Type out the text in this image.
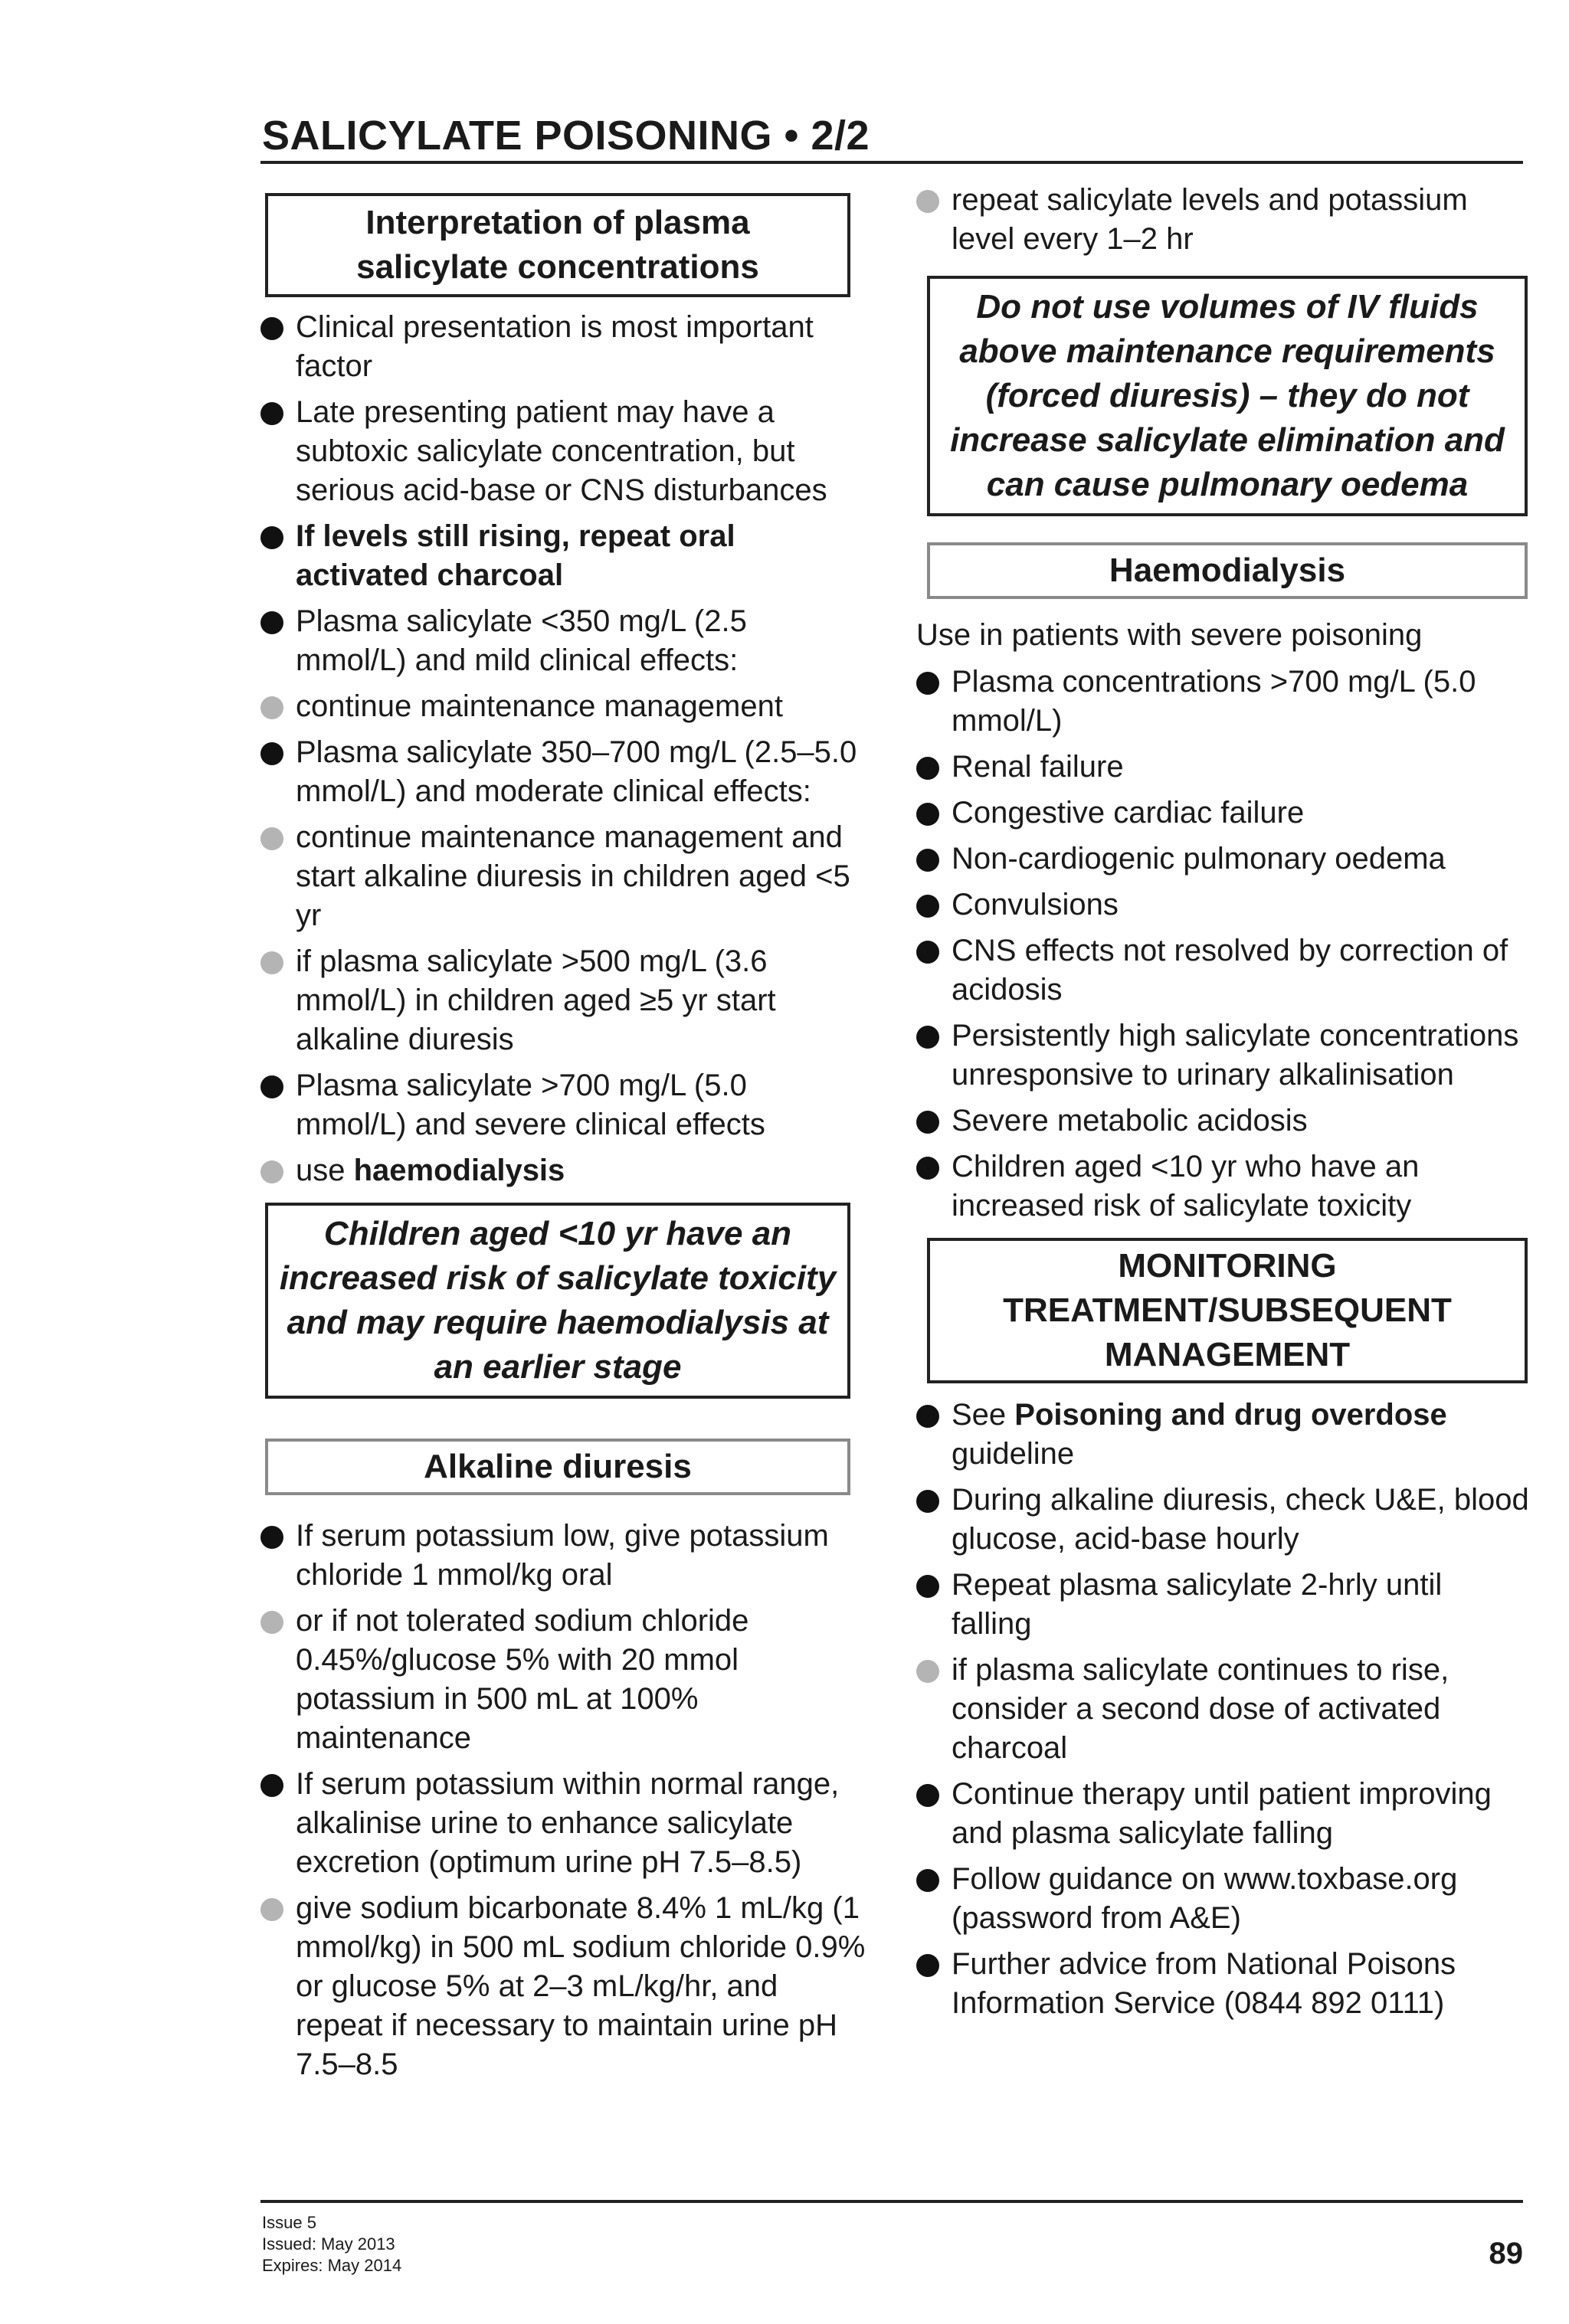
SALICYLATE POISONING • 2/2
Interpretation of plasma salicylate concentrations
Clinical presentation is most important factor
Late presenting patient may have a subtoxic salicylate concentration, but serious acid-base or CNS disturbances
If levels still rising, repeat oral activated charcoal
Plasma salicylate <350 mg/L (2.5 mmol/L) and mild clinical effects:
continue maintenance management
Plasma salicylate 350–700 mg/L (2.5–5.0 mmol/L) and moderate clinical effects:
continue maintenance management and start alkaline diuresis in children aged <5 yr
if plasma salicylate >500 mg/L (3.6 mmol/L) in children aged ≥5 yr start alkaline diuresis
Plasma salicylate >700 mg/L (5.0 mmol/L) and severe clinical effects
use haemodialysis
Children aged <10 yr have an increased risk of salicylate toxicity and may require haemodialysis at an earlier stage
Alkaline diuresis
If serum potassium low, give potassium chloride 1 mmol/kg oral
or if not tolerated sodium chloride 0.45%/glucose 5% with 20 mmol potassium in 500 mL at 100% maintenance
If serum potassium within normal range, alkalinise urine to enhance salicylate excretion (optimum urine pH 7.5–8.5)
give sodium bicarbonate 8.4% 1 mL/kg (1 mmol/kg) in 500 mL sodium chloride 0.9% or glucose 5% at 2–3 mL/kg/hr, and repeat if necessary to maintain urine pH 7.5–8.5
repeat salicylate levels and potassium level every 1–2 hr
Do not use volumes of IV fluids above maintenance requirements (forced diuresis) – they do not increase salicylate elimination and can cause pulmonary oedema
Haemodialysis

Use in patients with severe poisoning

Plasma concentrations >700 mg/L (5.0 mmol/L)
Renal failure
Congestive cardiac failure
Non-cardiogenic pulmonary oedema
Convulsions
CNS effects not resolved by correction of acidosis
Persistently high salicylate concentrations unresponsive to urinary alkalinisation
Severe metabolic acidosis
Children aged <10 yr who have an increased risk of salicylate toxicity
MONITORING TREATMENT/SUBSEQUENT MANAGEMENT
See Poisoning and drug overdose guideline
During alkaline diuresis, check U&E, blood glucose, acid-base hourly
Repeat plasma salicylate 2-hrly until falling
if plasma salicylate continues to rise, consider a second dose of activated charcoal
Continue therapy until patient improving and plasma salicylate falling
Follow guidance on www.toxbase.org (password from A&E)
Further advice from National Poisons Information Service (0844 892 0111)
Issue 5
Issued: May 2013
Expires: May 2014	89
